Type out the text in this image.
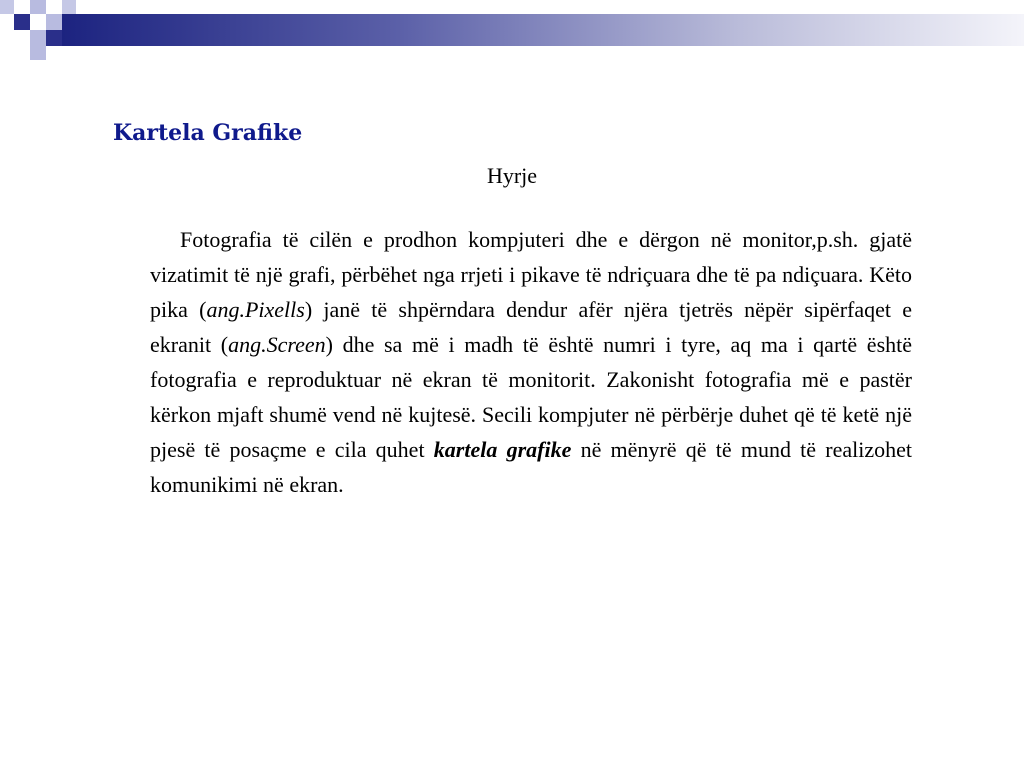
Kartela Grafike
Hyrje

Fotografia të cilën e prodhon kompjuteri dhe e dërgon në monitor,p.sh. gjatë vizatimit të një grafi, përbëhet nga rrjeti i pikave të ndriçuara dhe të pa ndiçuara. Këto pika (ang.Pixells) janë të shpërndara dendur afër njëra tjetrës nëpër sipërfaqet e ekranit (ang.Screen) dhe sa më i madh të është numri i tyre, aq ma i qartë është fotografia e reproduktuar në ekran të monitorit. Zakonisht fotografia më e pastër kërkon mjaft shumë vend në kujtesë. Secili kompjuter në përbërje duhet që të ketë një pjesë të posaçme e cila quhet kartela grafike në mënyrë që të mund të realizohet komunikimi në ekran.
